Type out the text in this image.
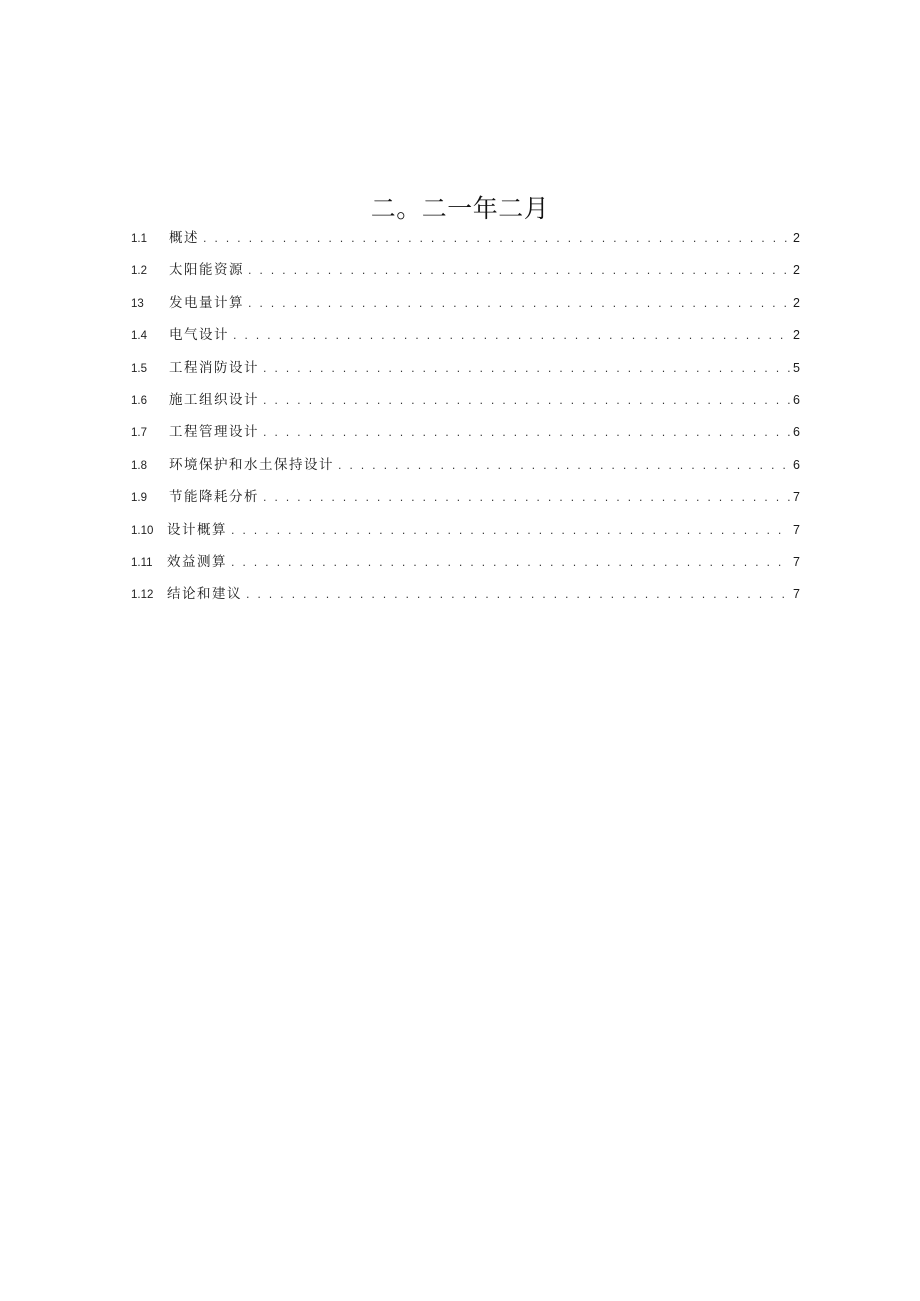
二。二一年二月
1.1	概述 . . .	2
1.2	太阳能资源 . . .	2
13	发电量计算 . . .	2
1.4	电气设计 . . .	2
1.5	工程消防设计 . . .	5
1.6	施工组织设计 . . .	6
1.7	工程管理设计 . . .	6
1.8	环境保护和水土保持设计 . . .	6
1.9	节能降耗分析 . . .	7
1.10	设计概算 . . .	7
1.11	效益测算 . . .	7
1.12	结论和建议 . . .	7
